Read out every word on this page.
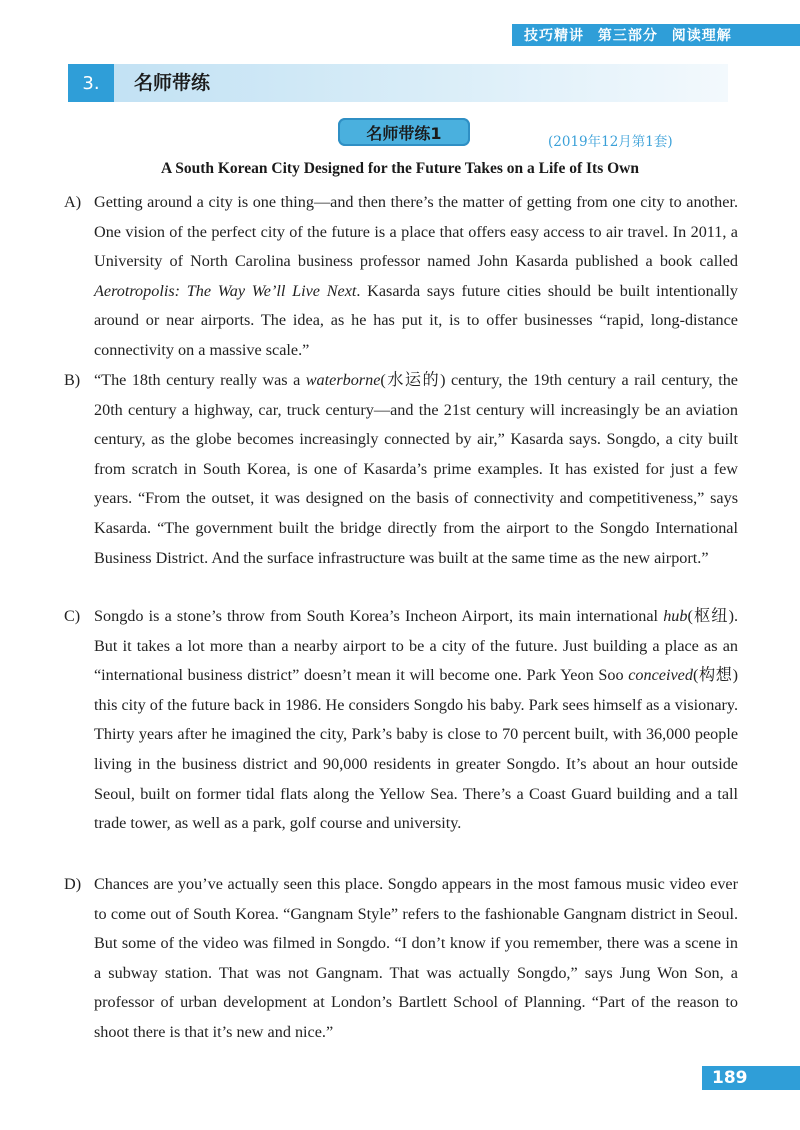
技巧精讲 第三部分 阅读理解
3.	名师带练
名师带练1	(2019年12月第1套)
A South Korean City Designed for the Future Takes on a Life of Its Own
A) Getting around a city is one thing—and then there’s the matter of getting from one city to another. One vision of the perfect city of the future is a place that offers easy access to air travel. In 2011, a University of North Carolina business professor named John Kasarda published a book called Aerotropolis: The Way We’ll Live Next. Kasarda says future cities should be built intentionally around or near airports. The idea, as he has put it, is to offer businesses “rapid, long-distance connectivity on a massive scale.”
B) “The 18th century really was a waterborne(水运的) century, the 19th century a rail century, the 20th century a highway, car, truck century—and the 21st century will increasingly be an aviation century, as the globe becomes increasingly connected by air,” Kasarda says. Songdo, a city built from scratch in South Korea, is one of Kasarda’s prime examples. It has existed for just a few years. “From the outset, it was designed on the basis of connectivity and competitiveness,” says Kasarda. “The government built the bridge directly from the airport to the Songdo International Business District. And the surface infrastructure was built at the same time as the new airport.”
C) Songdo is a stone’s throw from South Korea’s Incheon Airport, its main international hub(枢纽). But it takes a lot more than a nearby airport to be a city of the future. Just building a place as an “international business district” doesn’t mean it will become one. Park Yeon Soo conceived(构想) this city of the future back in 1986. He considers Songdo his baby. Park sees himself as a visionary. Thirty years after he imagined the city, Park’s baby is close to 70 percent built, with 36,000 people living in the business district and 90,000 residents in greater Songdo. It’s about an hour outside Seoul, built on former tidal flats along the Yellow Sea. There’s a Coast Guard building and a tall trade tower, as well as a park, golf course and university.
D) Chances are you’ve actually seen this place. Songdo appears in the most famous music video ever to come out of South Korea. “Gangnam Style” refers to the fashionable Gangnam district in Seoul. But some of the video was filmed in Songdo. “I don’t know if you remember, there was a scene in a subway station. That was not Gangnam. That was actually Songdo,” says Jung Won Son, a professor of urban development at London’s Bartlett School of Planning. “Part of the reason to shoot there is that it’s new and nice.”
189
